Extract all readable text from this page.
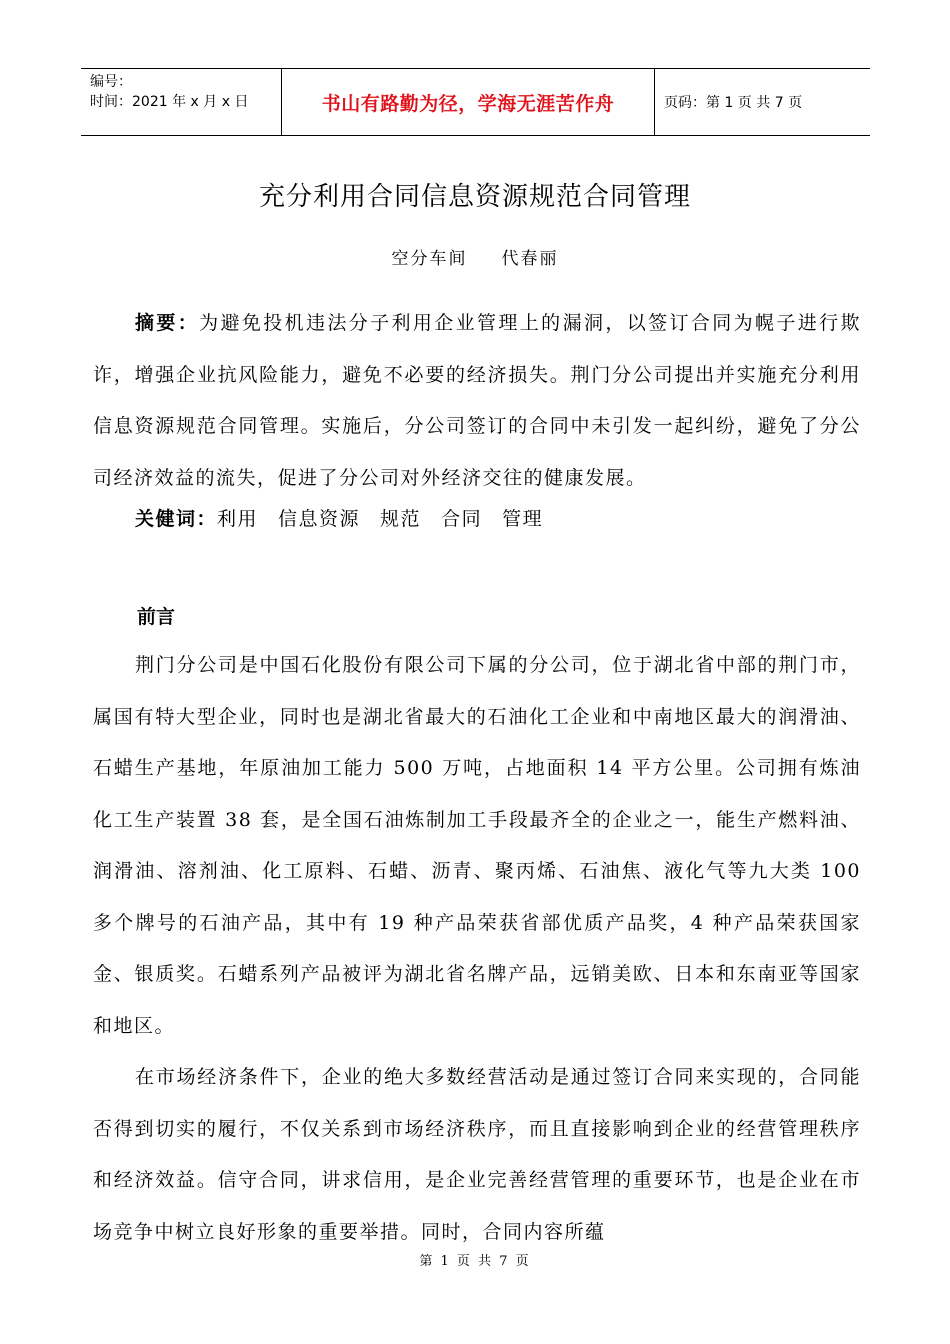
编号：
时间：2021 年 x 月 x 日	书山有路勤为径，学海无涯苦作舟	页码：第 1 页 共 7 页
充分利用合同信息资源规范合同管理
空分车间 代春丽

摘要：为避免投机违法分子利用企业管理上的漏洞，以签订合同为幌子进行欺诈，增强企业抗风险能力，避免不必要的经济损失。荆门分公司提出并实施充分利用信息资源规范合同管理。实施后，分公司签订的合同中未引发一起纠纷，避免了分公司经济效益的流失，促进了分公司对外经济交往的健康发展。

关健词：利用 信息资源 规范 合同 管理

前言

荆门分公司是中国石化股份有限公司下属的分公司，位于湖北省中部的荆门市，属国有特大型企业，同时也是湖北省最大的石油化工企业和中南地区最大的润滑油、石蜡生产基地，年原油加工能力 500 万吨，占地面积 14 平方公里。公司拥有炼油化工生产装置 38 套，是全国石油炼制加工手段最齐全的企业之一，能生产燃料油、润滑油、溶剂油、化工原料、石蜡、沥青、聚丙烯、石油焦、液化气等九大类 100 多个牌号的石油产品，其中有 19 种产品荣获省部优质产品奖，4 种产品荣获国家金、银质奖。石蜡系列产品被评为湖北省名牌产品，远销美欧、日本和东南亚等国家和地区。

在市场经济条件下，企业的绝大多数经营活动是通过签订合同来实现的，合同能否得到切实的履行，不仅关系到市场经济秩序，而且直接影响到企业的经营管理秩序和经济效益。信守合同，讲求信用，是企业完善经营管理的重要环节，也是企业在市场竞争中树立良好形象的重要举措。同时，合同内容所蕴

第 1 页 共 7 页
